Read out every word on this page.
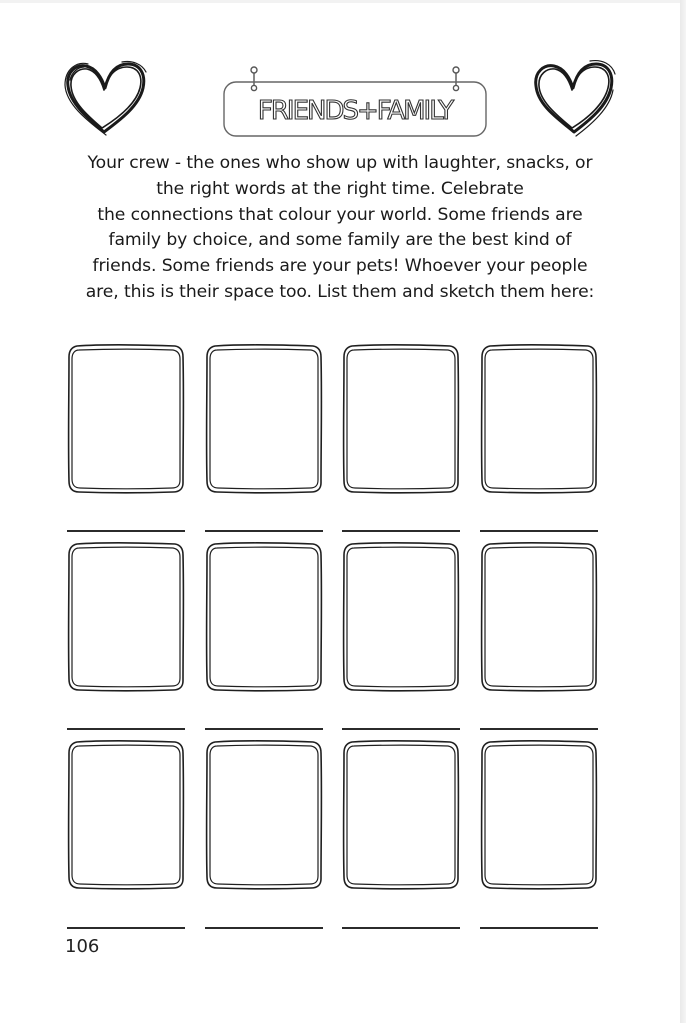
FRIENDS+FAMILY
Your crew - the ones who show up with laughter, snacks, or
the right words at the right time. Celebrate
the connections that colour your world. Some friends are
family by choice, and some family are the best kind of
friends. Some friends are your pets! Whoever your people
are, this is their space too. List them and sketch them here:
106
